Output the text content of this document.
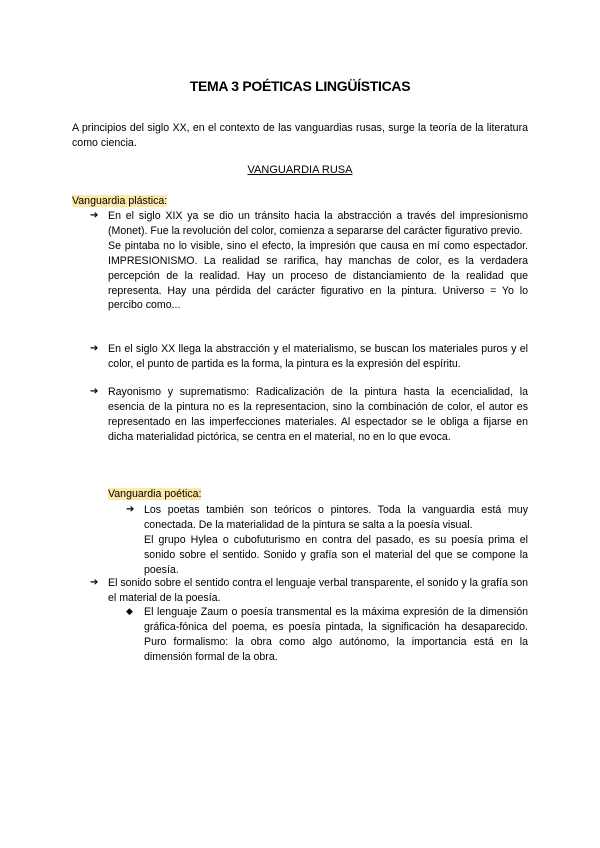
TEMA 3 POÉTICAS LINGÜÍSTICAS
A principios del siglo XX, en el contexto de las vanguardias rusas, surge la teoría de la literatura como ciencia.
VANGUARDIA RUSA
Vanguardia plástica:
➔ En el siglo XIX ya se dio un tránsito hacia la abstracción a través del impresionismo (Monet). Fue la revolución del color, comienza a separarse del carácter figurativo previo.

Se pintaba no lo visible, sino el efecto, la impresión que causa en mí como espectador. IMPRESIONISMO. La realidad se rarifica, hay manchas de color, es la verdadera percepción de la realidad. Hay un proceso de distanciamiento de la realidad que representa. Hay una pérdida del carácter figurativo en la pintura. Universo = Yo lo percibo como...

➔ En el siglo XX llega la abstracción y el materialismo, se buscan los materiales puros y el color, el punto de partida es la forma, la pintura es la expresión del espíritu.

➔ Rayonismo y suprematismo: Radicalización de la pintura hasta la ecencialidad, la esencia de la pintura no es la representacion, sino la combinación de color, el autor es representado en las imperfecciones materiales. Al espectador se le obliga a fijarse en dicha materialidad pictórica, se centra en el material, no en lo que evoca.

Vanguardia poética:
➔ Los poetas también son teóricos o pintores. Toda la vanguardia está muy conectada. De la materialidad de la pintura se salta a la poesía visual.

El grupo Hylea o cubofuturismo en contra del pasado, es su poesía prima el sonido sobre el sentido. Sonido y grafía son el material del que se compone la poesía.

➔ El sonido sobre el sentido contra el lenguaje verbal transparente, el sonido y la grafía son el material de la poesía.

◆ El lenguaje Zaum o poesía transmental es la máxima expresión de la dimensión gráfica-fónica del poema, es poesía pintada, la significación ha desaparecido. Puro formalismo: la obra como algo autónomo, la importancia está en la dimensión formal de la obra.
